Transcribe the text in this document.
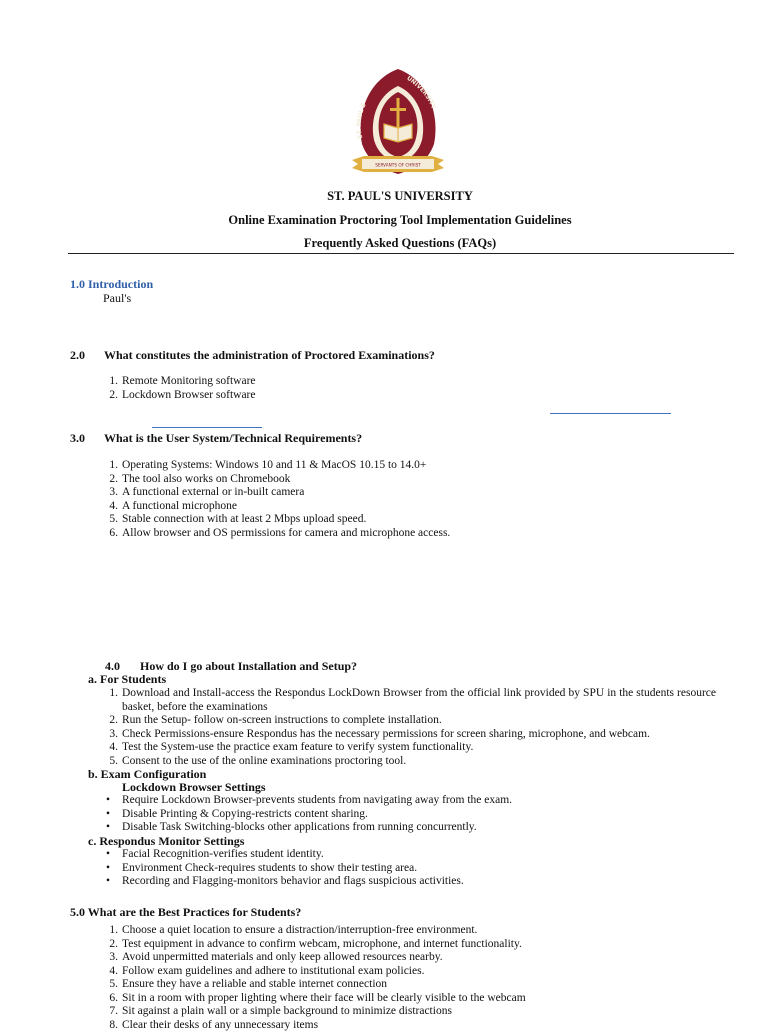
ST. PAUL'S
UNIVERSITY
SERVANTS OF CHRIST
ST. PAUL'S UNIVERSITY
Online Examination Proctoring Tool Implementation Guidelines
Frequently Asked Questions (FAQs)
1.0 Introduction
Paul's
2.0 What constitutes the administration of Proctored Examinations?
1. Remote Monitoring software
2. Lockdown Browser software
3.0 What is the User System/Technical Requirements?
1. Operating Systems: Windows 10 and 11 & MacOS 10.15 to 14.0+
2. The tool also works on Chromebook
3. A functional external or in-built camera
4. A functional microphone
5. Stable connection with at least 2 Mbps upload speed.
6. Allow browser and OS permissions for camera and microphone access.
4.0 How do I go about Installation and Setup?
a. For Students
1. Download and Install-access the Respondus LockDown Browser from the official link provided by SPU in the students resource basket, before the examinations
2. Run the Setup- follow on-screen instructions to complete installation.
3. Check Permissions-ensure Respondus has the necessary permissions for screen sharing, microphone, and webcam.
4. Test the System-use the practice exam feature to verify system functionality.
5. Consent to the use of the online examinations proctoring tool.
b. Exam Configuration
Lockdown Browser Settings
• Require Lockdown Browser-prevents students from navigating away from the exam.
• Disable Printing & Copying-restricts content sharing.
• Disable Task Switching-blocks other applications from running concurrently.
c. Respondus Monitor Settings
• Facial Recognition-verifies student identity.
• Environment Check-requires students to show their testing area.
• Recording and Flagging-monitors behavior and flags suspicious activities.
5.0 What are the Best Practices for Students?
1. Choose a quiet location to ensure a distraction/interruption-free environment.
2. Test equipment in advance to confirm webcam, microphone, and internet functionality.
3. Avoid unpermitted materials and only keep allowed resources nearby.
4. Follow exam guidelines and adhere to institutional exam policies.
5. Ensure they have a reliable and stable internet connection
6. Sit in a room with proper lighting where their face will be clearly visible to the webcam
7. Sit against a plain wall or a simple background to minimize distractions
8. Clear their desks of any unnecessary items
